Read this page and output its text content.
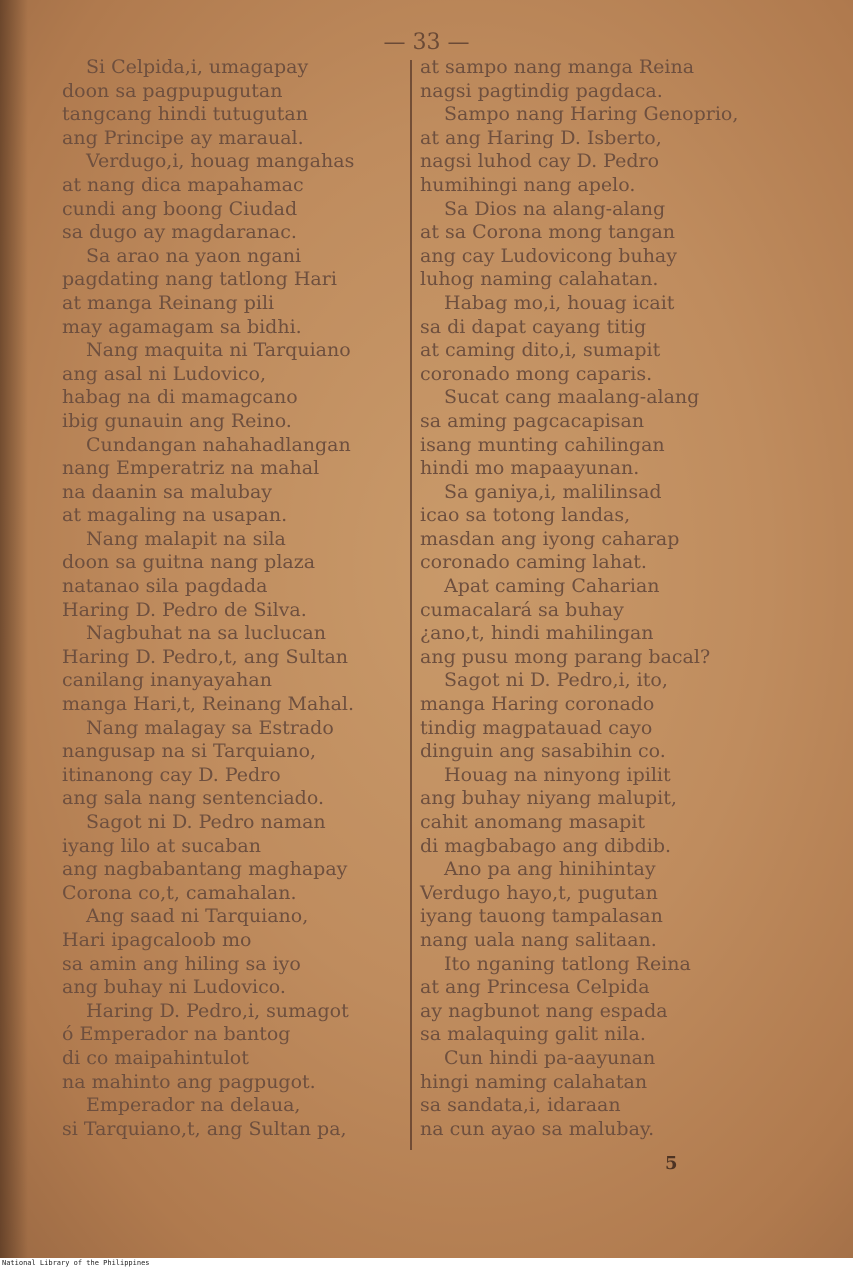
— 33 —
Si Celpida,i, umagapay
doon sa pagpupugutan
tangcang hindi tutugutan
ang Principe ay maraual.
Verdugo,i, houag mangahas
at nang dica mapahamac
cundi ang boong Ciudad
sa dugo ay magdaranac.
Sa arao na yaon ngani
pagdating nang tatlong Hari
at manga Reinang pili
may agamagam sa bidhi.
Nang maquita ni Tarquiano
ang asal ni Ludovico,
habag na di mamagcano
ibig gunauin ang Reino.
Cundangan nahahadlangan
nang Emperatriz na mahal
na daanin sa malubay
at magaling na usapan.
Nang malapit na sila
doon sa guitna nang plaza
natanao sila pagdada
Haring D. Pedro de Silva.
Nagbuhat na sa luclucan
Haring D. Pedro,t, ang Sultan
canilang inanyayahan
manga Hari,t, Reinang Mahal.
Nang malagay sa Estrado
nangusap na si Tarquiano,
itinanong cay D. Pedro
ang sala nang sentenciado.
Sagot ni D. Pedro naman
iyang lilo at sucaban
ang nagbabantang maghapay
Corona co,t, camahalan.
Ang saad ni Tarquiano,
Hari ipagcaloob mo
sa amin ang hiling sa iyo
ang buhay ni Ludovico.
Haring D. Pedro,i, sumagot
ó Emperador na bantog
di co maipahintulot
na mahinto ang pagpugot.
Emperador na delaua,
si Tarquiano,t, ang Sultan pa,
at sampo nang manga Reina
nagsi pagtindig pagdaca.
Sampo nang Haring Genoprio,
at ang Haring D. Isberto,
nagsi luhod cay D. Pedro
humihingi nang apelo.
Sa Dios na alang-alang
at sa Corona mong tangan
ang cay Ludovicong buhay
luhog naming calahatan.
Habag mo,i, houag icait
sa di dapat cayang titig
at caming dito,i, sumapit
coronado mong caparis.
Sucat cang maalang-alang
sa aming pagcacapisan
isang munting cahilingan
hindi mo mapaayunan.
Sa ganiya,i, malilinsad
icao sa totong landas,
masdan ang iyong caharap
coronado caming lahat.
Apat caming Caharian
cumacalará sa buhay
¿ano,t, hindi mahilingan
ang pusu mong parang bacal?
Sagot ni D. Pedro,i, ito,
manga Haring coronado
tindig magpatauad cayo
dinguin ang sasabihin co.
Houag na ninyong ipilit
ang buhay niyang malupit,
cahit anomang masapit
di magbabago ang dibdib.
Ano pa ang hinihintay
Verdugo hayo,t, pugutan
iyang tauong tampalasan
nang uala nang salitaan.
Ito nganing tatlong Reina
at ang Princesa Celpida
ay nagbunot nang espada
sa malaquing galit nila.
Cun hindi pa-aayunan
hingi naming calahatan
sa sandata,i, idaraan
na cun ayao sa malubay.
5
National Library of the Philippines
